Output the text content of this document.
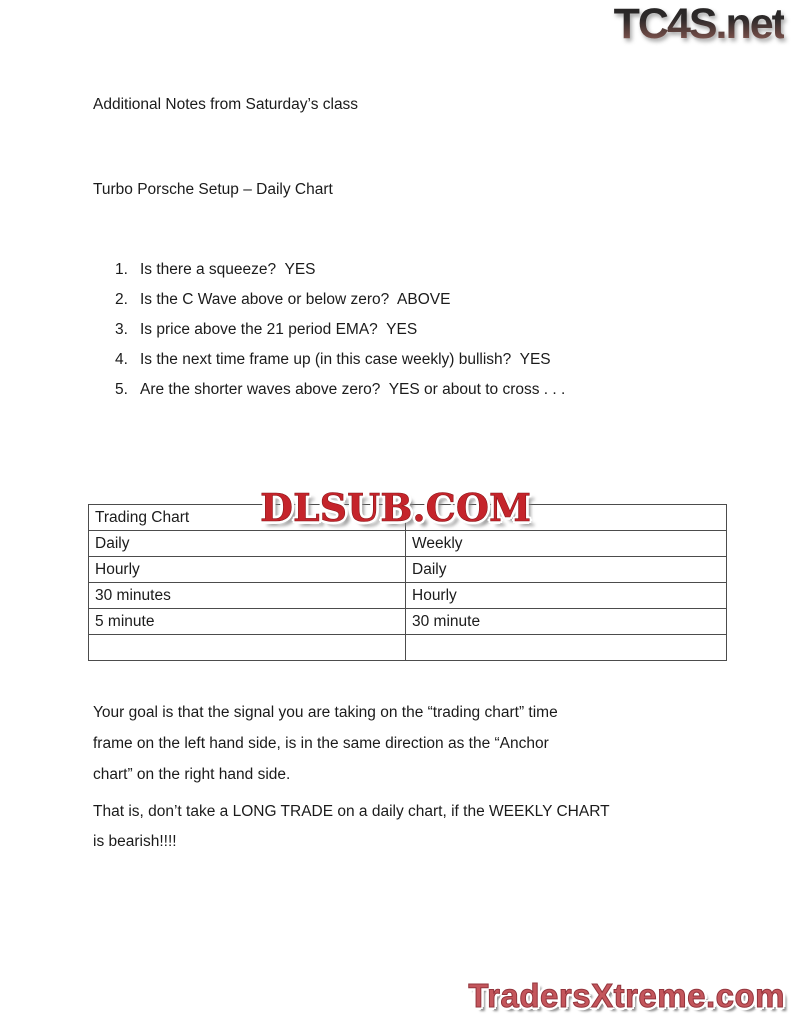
TC4S.net
Additional Notes from Saturday’s class
Turbo Porsche Setup – Daily Chart
1. Is there a squeeze?  YES
2. Is the C Wave above or below zero?  ABOVE
3. Is price above the 21 period EMA?  YES
4. Is the next time frame up (in this case weekly) bullish?  YES
5. Are the shorter waves above zero?  YES or about to cross . . .
DLSUB.COM
Trading Chart	
Daily	Weekly
Hourly	Daily
30 minutes	Hourly
5 minute	30 minute

Your goal is that the signal you are taking on the “trading chart” time
frame on the left hand side, is in the same direction as the “Anchor
chart” on the right hand side.
That is, don’t take a LONG TRADE on a daily chart, if the WEEKLY CHART
is bearish!!!!
TradersXtreme.com
